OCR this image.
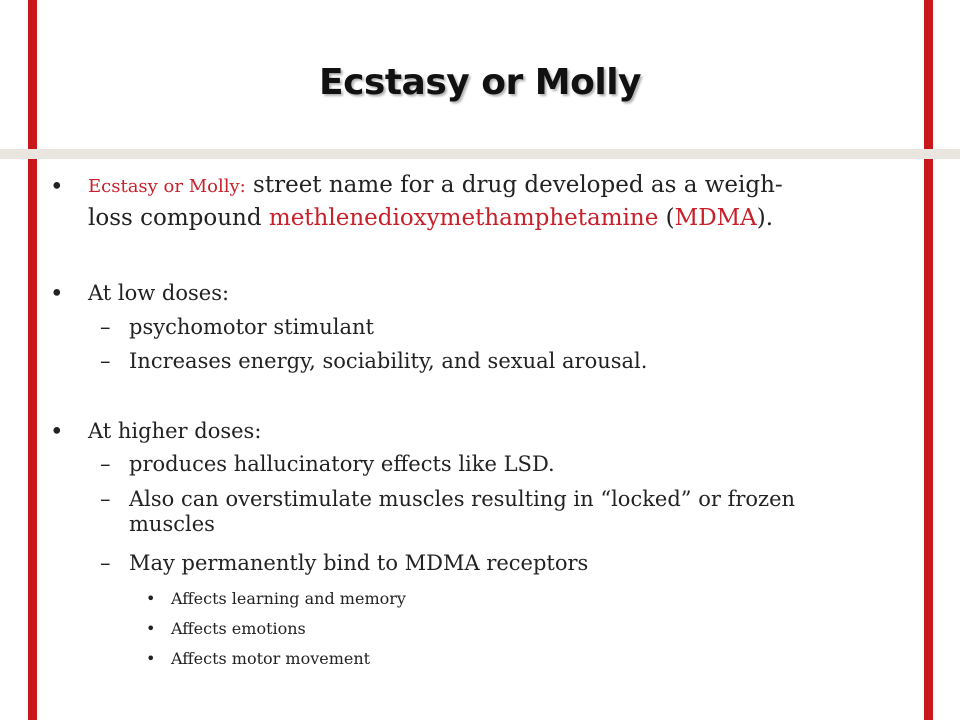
Ecstasy or Molly
• Ecstasy or Molly: street name for a drug developed as a weigh-
loss compound methlenedioxymethamphetamine (MDMA).
• At low doses:
– psychomotor stimulant
– Increases energy, sociability, and sexual arousal.
• At higher doses:
– produces hallucinatory effects like LSD.
– Also can overstimulate muscles resulting in “locked” or frozen
muscles
– May permanently bind to MDMA receptors
• Affects learning and memory
• Affects emotions
• Affects motor movement
